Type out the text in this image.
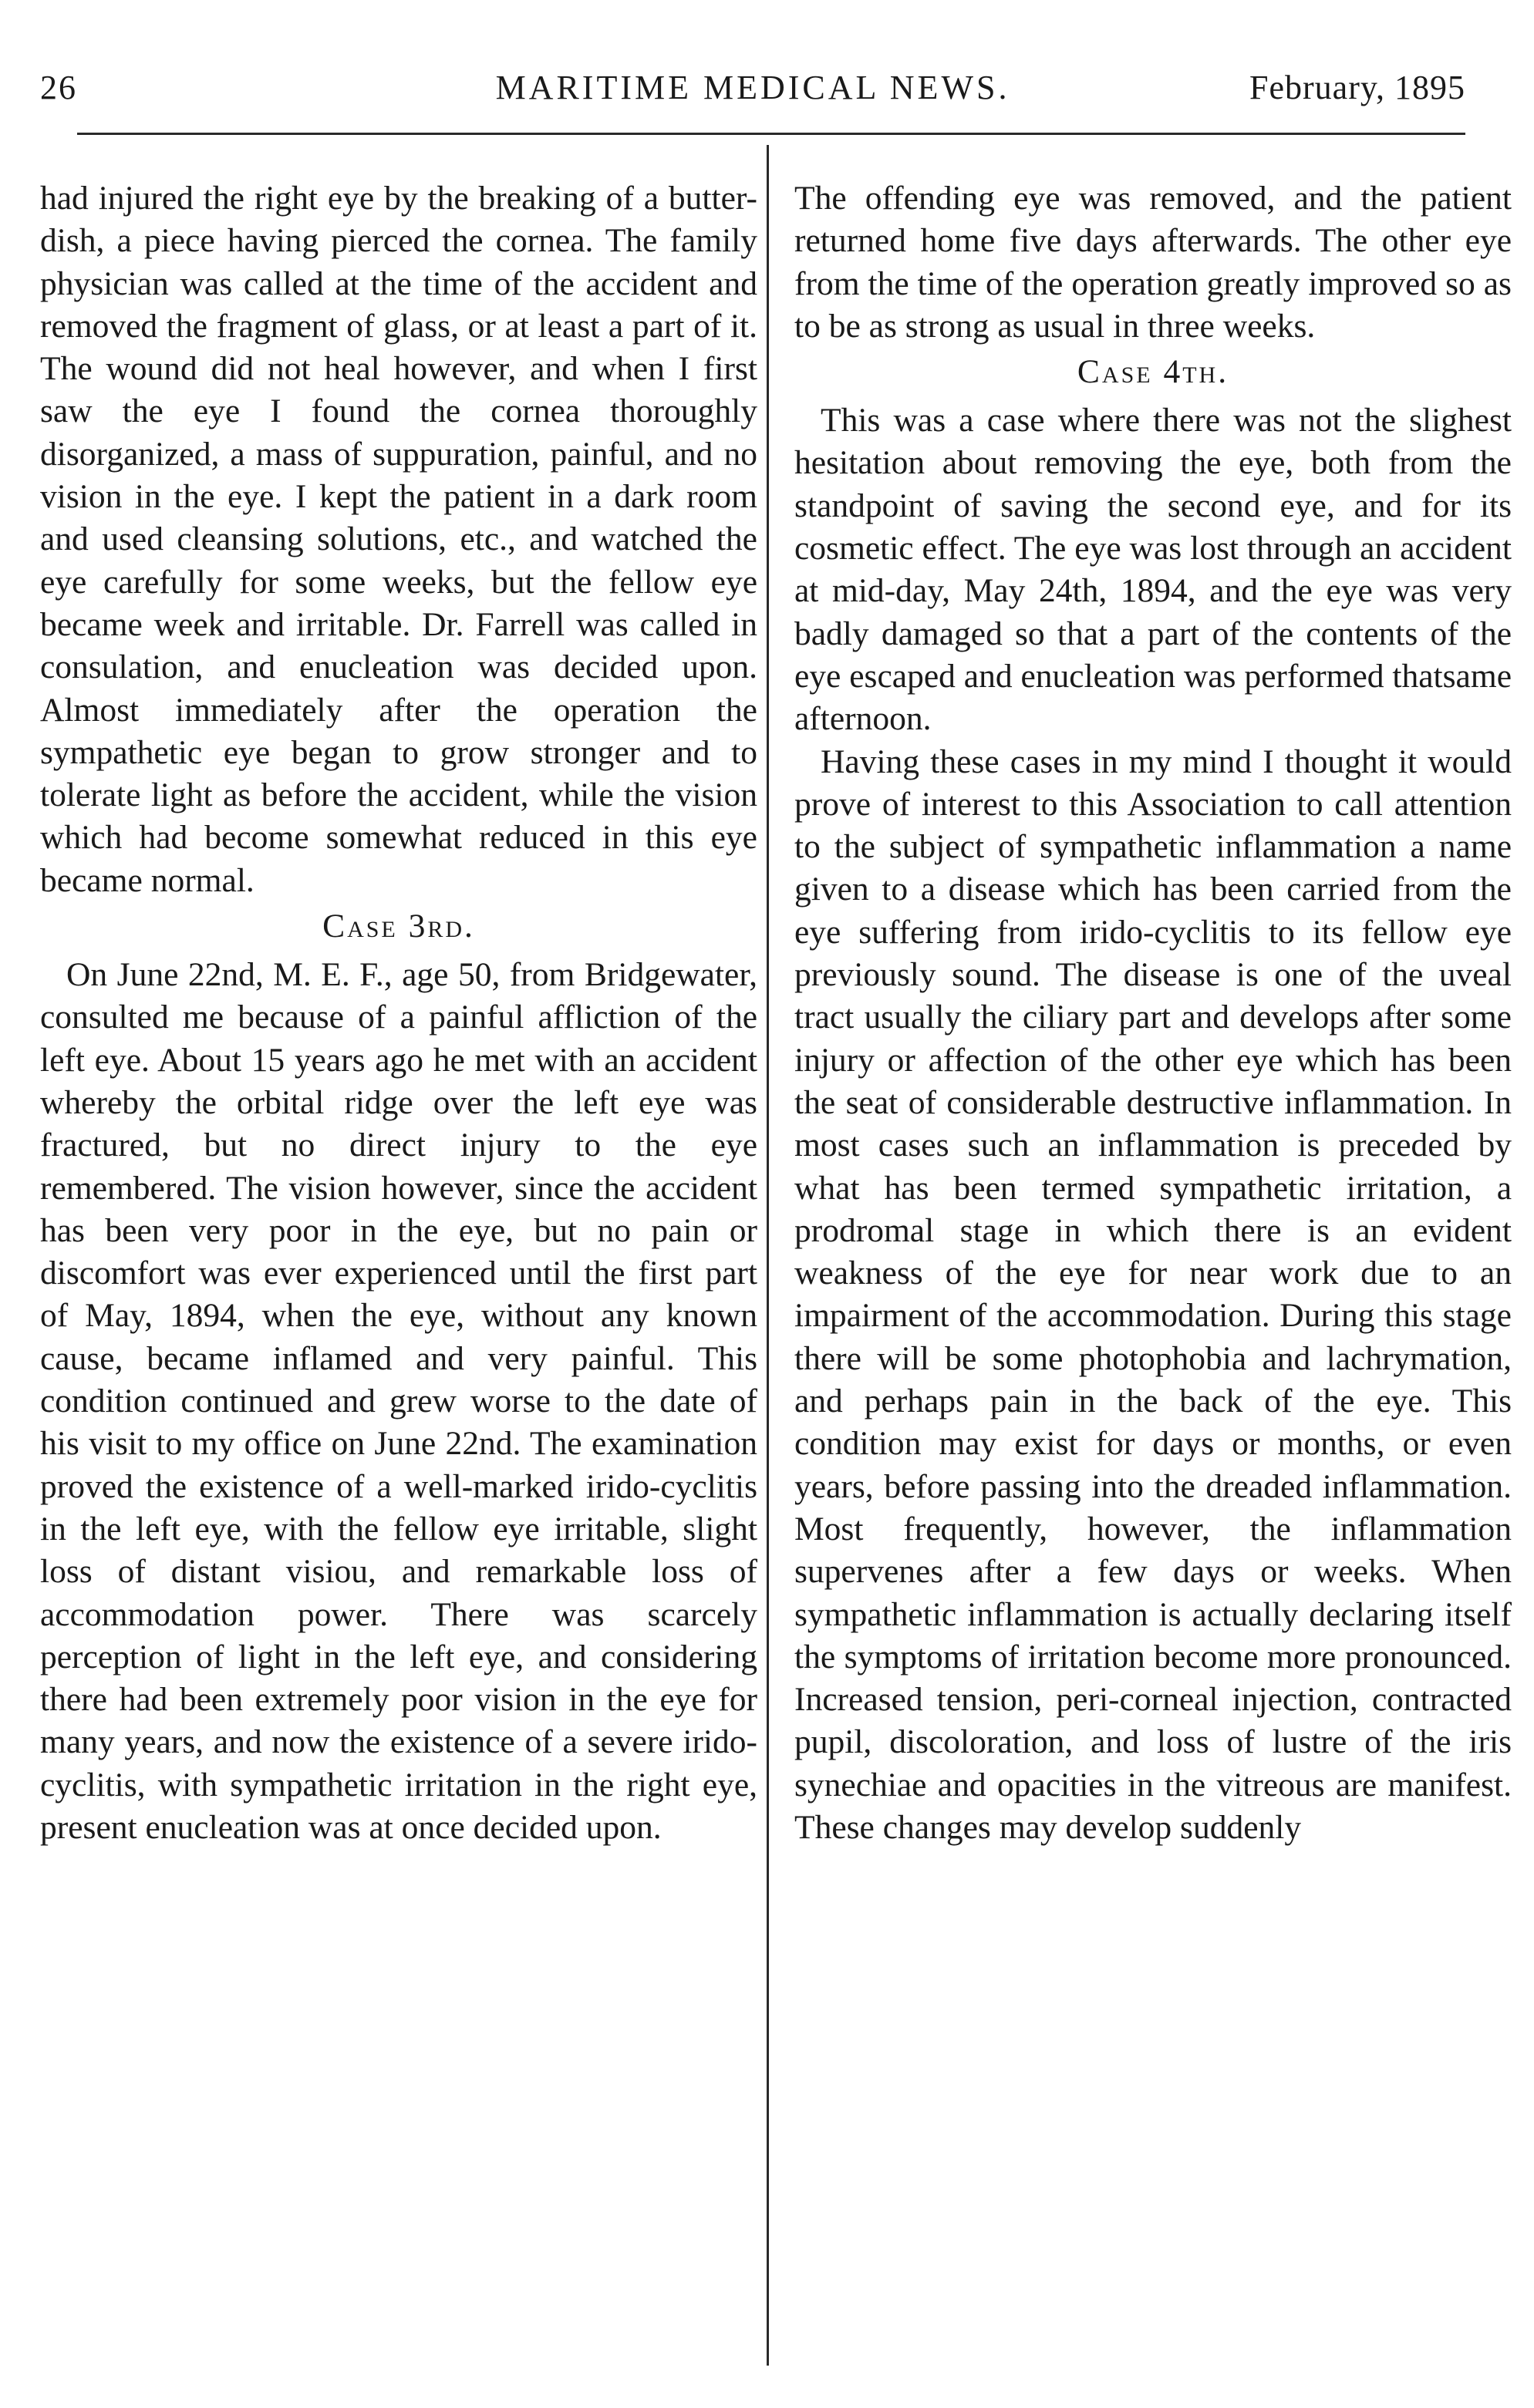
26	MARITIME MEDICAL NEWS.	February, 1895

had injured the right eye by the breaking of a butter-dish, a piece having pierced the cornea. The family physician was called at the time of the accident and removed the fragment of glass, or at least a part of it. The wound did not heal however, and when I first saw the eye I found the cornea thoroughly disorganized, a mass of suppuration, painful, and no vision in the eye. I kept the patient in a dark room and used cleansing solutions, etc., and watched the eye carefully for some weeks, but the fellow eye became week and irritable. Dr. Farrell was called in consulation, and enucleation was decided upon. Almost immediately after the operation the sympathetic eye began to grow stronger and to tolerate light as before the accident, while the vision which had become somewhat reduced in this eye became normal.

Case 3rd.

On June 22nd, M. E. F., age 50, from Bridgewater, consulted me because of a painful affliction of the left eye. About 15 years ago he met with an accident whereby the orbital ridge over the left eye was fractured, but no direct injury to the eye remembered. The vision however, since the accident has been very poor in the eye, but no pain or discomfort was ever experienced until the first part of May, 1894, when the eye, without any known cause, became inflamed and very painful. This condition continued and grew worse to the date of his visit to my office on June 22nd. The examination proved the existence of a well-marked irido-cyclitis in the left eye, with the fellow eye irritable, slight loss of distant visiou, and remarkable loss of accommodation power. There was scarcely perception of light in the left eye, and considering there had been extremely poor vision in the eye for many years, and now the existence of a severe irido-cyclitis, with sympathetic irritation in the right eye, present enucleation was at once decided upon.

The offending eye was removed, and the patient returned home five days afterwards. The other eye from the time of the operation greatly improved so as to be as strong as usual in three weeks.

Case 4th.

This was a case where there was not the slighest hesitation about removing the eye, both from the standpoint of saving the second eye, and for its cosmetic effect. The eye was lost through an accident at mid-day, May 24th, 1894, and the eye was very badly damaged so that a part of the contents of the eye escaped and enucleation was performed thatsame afternoon.

Having these cases in my mind I thought it would prove of interest to this Association to call attention to the subject of sympathetic inflammation a name given to a disease which has been carried from the eye suffering from irido-cyclitis to its fellow eye previously sound. The disease is one of the uveal tract usually the ciliary part and develops after some injury or affection of the other eye which has been the seat of considerable destructive inflammation. In most cases such an inflammation is preceded by what has been termed sympathetic irritation, a prodromal stage in which there is an evident weakness of the eye for near work due to an impairment of the accommodation. During this stage there will be some photophobia and lachrymation, and perhaps pain in the back of the eye. This condition may exist for days or months, or even years, before passing into the dreaded inflammation. Most frequently, however, the inflammation supervenes after a few days or weeks. When sympathetic inflammation is actually declaring itself the symptoms of irritation become more pronounced. Increased tension, peri-corneal injection, contracted pupil, discoloration, and loss of lustre of the iris synechiae and opacities in the vitreous are manifest. These changes may develop suddenly
